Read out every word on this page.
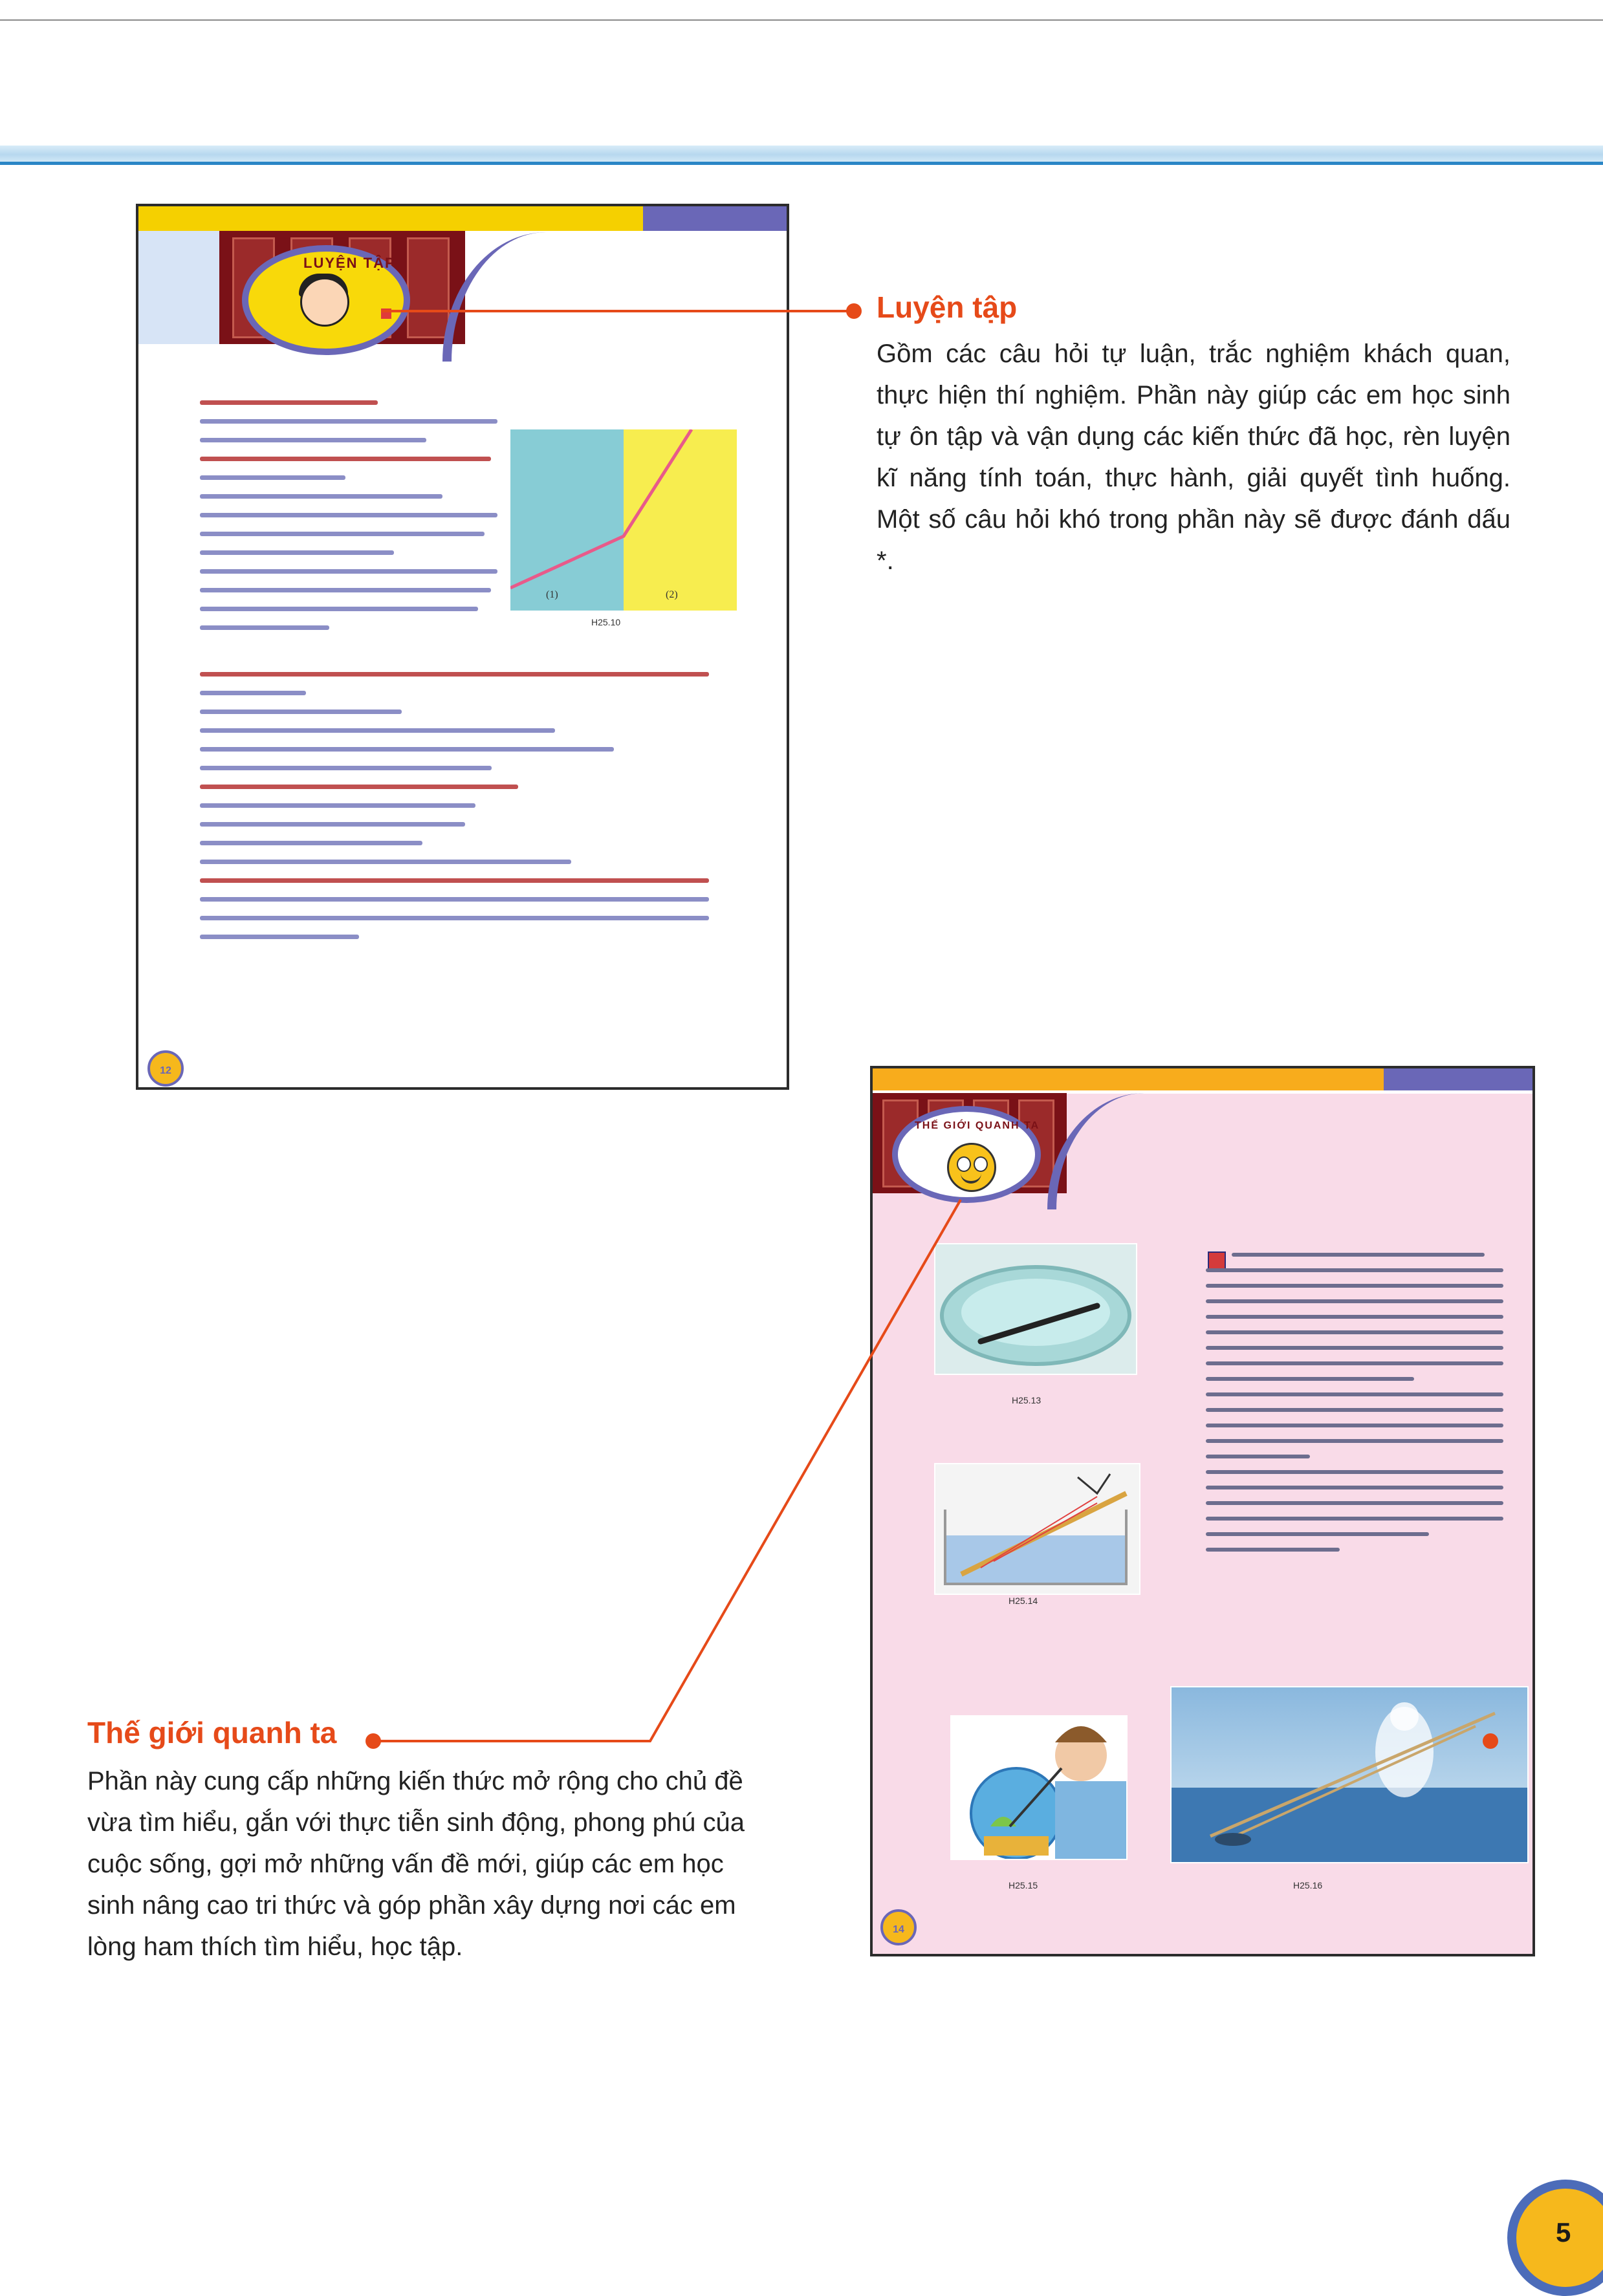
LUYỆN TẬP
(1)	(2)
H25.10
12
THẾ GIỚI QUANH TA
H25.13
H25.14
H25.15	H25.16
14
Luyện tập
Gồm các câu hỏi tự luận, trắc nghiệm khách quan, thực hiện thí nghiệm. Phần này giúp các em học sinh tự ôn tập và vận dụng các kiến thức đã học, rèn luyện kĩ năng tính toán, thực hành, giải quyết tình huống. Một số câu hỏi khó trong phần này sẽ được đánh dấu *.
Thế giới quanh ta
Phần này cung cấp những kiến thức mở rộng cho chủ đề vừa tìm hiểu, gắn với thực tiễn sinh động, phong phú của cuộc sống, gợi mở những vấn đề mới, giúp các em học sinh nâng cao tri thức và góp phần xây dựng nơi các em lòng ham thích tìm hiểu, học tập.
5
